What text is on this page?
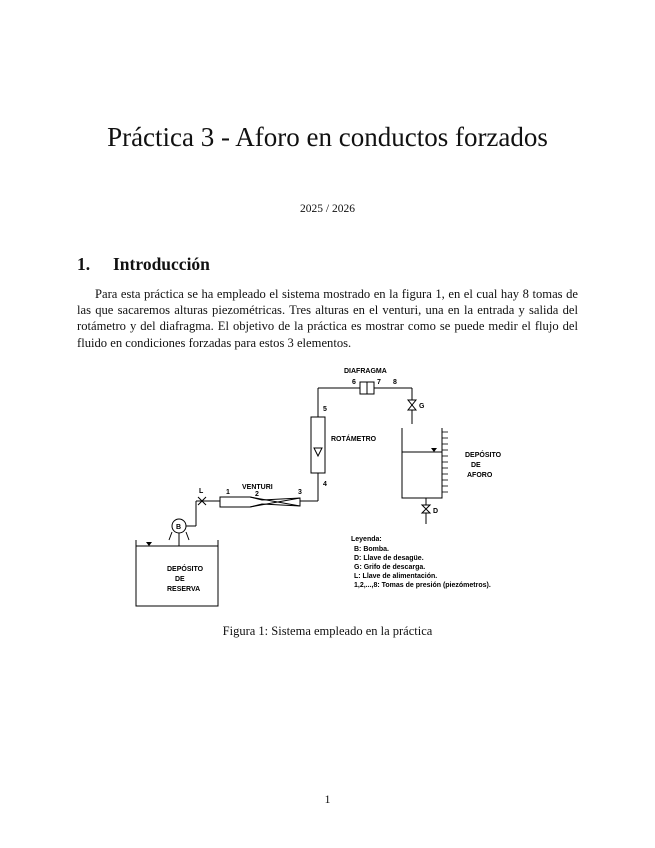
Práctica 3 - Aforo en conductos forzados
2025 / 2026
1. Introducción

Para esta práctica se ha empleado el sistema mostrado en la figura 1, en el cual hay 8 tomas de las que sacaremos alturas piezométricas. Tres alturas en el venturi, una en la entrada y salida del rotámetro y del diafragma. El objetivo de la práctica es mostrar como se puede medir el flujo del fluido en condiciones forzadas para estos 3 elementos.

DIAFRAGMA
6	7 8
G
5
ROTÁMETRO
4
VENTURI
1	2	3
L
B
D
DEPÓSITO
DE
AFORO
DEPÓSITO
DE
RESERVA
Leyenda:
B: Bomba.
D: Llave de desagüe.
G: Grifo de descarga.
L: Llave de alimentación.
1,2,...,8: Tomas de presión (piezómetros).
Figura 1: Sistema empleado en la práctica
1
